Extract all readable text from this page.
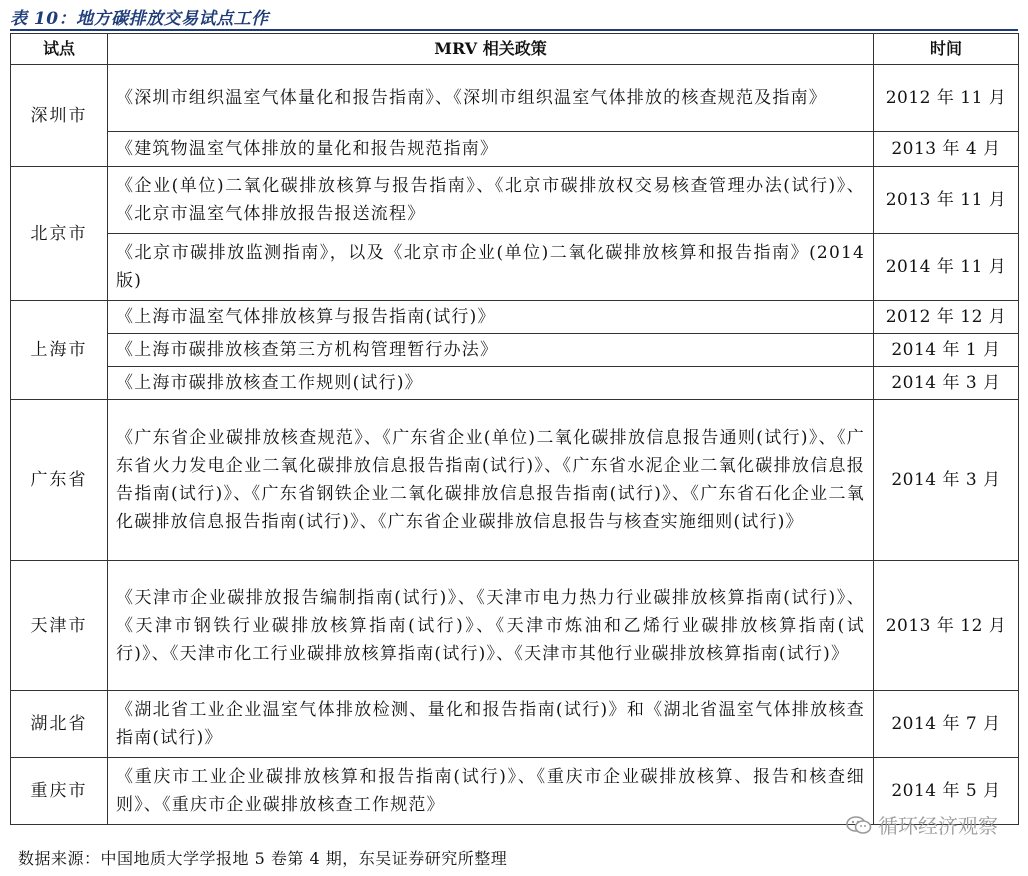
表 10：地方碳排放交易试点工作
试点	MRV 相关政策	时间
深圳市	《深圳市组织温室气体量化和报告指南》、《深圳市组织温室气体排放的核查规范及指南》	2012 年 11 月
	《建筑物温室气体排放的量化和报告规范指南》	2013 年 4 月
北京市	《企业(单位)二氧化碳排放核算与报告指南》、《北京市碳排放权交易核查管理办法(试行)》、《北京市温室气体排放报告报送流程》	2013 年 11 月
	《北京市碳排放监测指南》，以及《北京市企业(单位)二氧化碳排放核算和报告指南》(2014 版)	2014 年 11 月
上海市	《上海市温室气体排放核算与报告指南(试行)》	2012 年 12 月
	《上海市碳排放核查第三方机构管理暂行办法》	2014 年 1 月
	《上海市碳排放核查工作规则(试行)》	2014 年 3 月
广东省	《广东省企业碳排放核查规范》、《广东省企业(单位)二氧化碳排放信息报告通则(试行)》、《广东省火力发电企业二氧化碳排放信息报告指南(试行)》、《广东省水泥企业二氧化碳排放信息报告指南(试行)》、《广东省钢铁企业二氧化碳排放信息报告指南(试行)》、《广东省石化企业二氧化碳排放信息报告指南(试行)》、《广东省企业碳排放信息报告与核查实施细则(试行)》	2014 年 3 月
天津市	《天津市企业碳排放报告编制指南(试行)》、《天津市电力热力行业碳排放核算指南(试行)》、《天津市钢铁行业碳排放核算指南(试行)》、《天津市炼油和乙烯行业碳排放核算指南(试行)》、《天津市化工行业碳排放核算指南(试行)》、《天津市其他行业碳排放核算指南(试行)》	2013 年 12 月
湖北省	《湖北省工业企业温室气体排放检测、量化和报告指南(试行)》和《湖北省温室气体排放核查指南(试行)》	2014 年 7 月
重庆市	《重庆市工业企业碳排放核算和报告指南(试行)》、《重庆市企业碳排放核算、报告和核查细则》、《重庆市企业碳排放核查工作规范》	2014 年 5 月
循环经济观察
数据来源：中国地质大学学报地 5 卷第 4 期，东吴证券研究所整理
